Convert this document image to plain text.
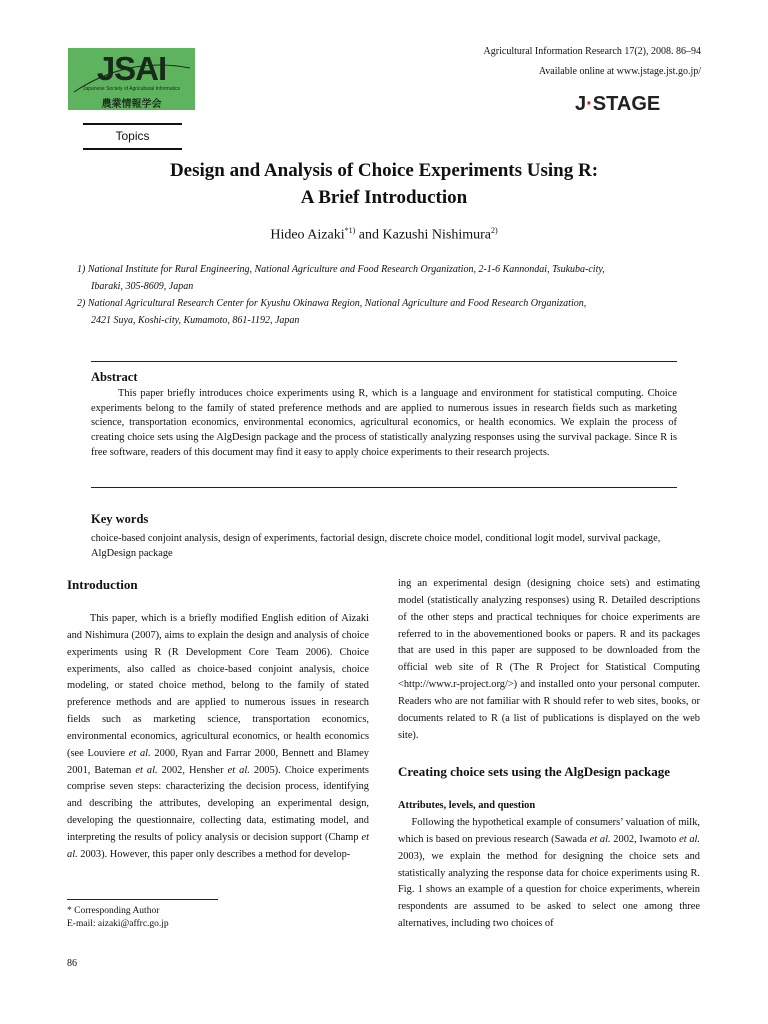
JSAI
Japanese Society of Agricultural Informatics
農業情報学会
Agricultural Information Research 17(2), 2008. 86–94
Available online at www.jstage.jst.go.jp/
J·STAGE
Topics
Design and Analysis of Choice Experiments Using R:
A Brief Introduction
Hideo Aizaki$^{*1)}$ and Kazushi Nishimura$^{2)}$
1) National Institute for Rural Engineering, National Agriculture and Food Research Organization, 2-1-6 Kannondai, Tsukuba-city,
Ibaraki, 305-8609, Japan
2) National Agricultural Research Center for Kyushu Okinawa Region, National Agriculture and Food Research Organization,
2421 Suya, Koshi-city, Kumamoto, 861-1192, Japan
Abstract
This paper briefly introduces choice experiments using R, which is a language and environment for statistical computing. Choice experiments belong to the family of stated preference methods and are applied to numerous issues in research fields such as marketing science, transportation economics, environmental economics, agricultural economics, or health economics. We explain the process of creating choice sets using the AlgDesign package and the process of statistically analyzing responses using the survival package. Since R is free software, readers of this document may find it easy to apply choice experiments to their research projects.
Key words
choice-based conjoint analysis, design of experiments, factorial design, discrete choice model, conditional logit model, survival package, AlgDesign package
Introduction
This paper, which is a briefly modified English edition of Aizaki and Nishimura (2007), aims to explain the design and analysis of choice experiments using R (R Development Core Team 2006). Choice experiments, also called as choice-based conjoint analysis, choice modeling, or stated choice method, belong to the family of stated preference methods and are applied to numerous issues in research fields such as marketing science, transportation economics, environmental economics, agricultural economics, or health economics (see Louviere et al. 2000, Ryan and Farrar 2000, Bennett and Blamey 2001, Bateman et al. 2002, Hensher et al. 2005). Choice experiments comprise seven steps: characterizing the decision process, identifying and describing the attributes, developing an experimental design, developing the questionnaire, collecting data, estimating model, and interpreting the results of policy analysis or decision support (Champ et al. 2003). However, this paper only describes a method for develop-
ing an experimental design (designing choice sets) and estimating model (statistically analyzing responses) using R. Detailed descriptions of the other steps and practical techniques for choice experiments are referred to in the abovementioned books or papers. R and its packages that are used in this paper are supposed to be downloaded from the official web site of R (The R Project for Statistical Computing <http://www.r-project.org/>) and installed onto your personal computer. Readers who are not familiar with R should refer to web sites, books, or documents related to R (a list of publications is displayed on the web site).
Creating choice sets using the AlgDesign package
Attributes, levels, and question
Following the hypothetical example of consumers’ valuation of milk, which is based on previous research (Sawada et al. 2002, Iwamoto et al. 2003), we explain the method for designing the choice sets and statistically analyzing the response data for choice experiments using R. Fig. 1 shows an example of a question for choice experiments, wherein respondents are assumed to be asked to select one among three alternatives, including two choices of
* Corresponding Author
E-mail: aizaki@affrc.go.jp
86
